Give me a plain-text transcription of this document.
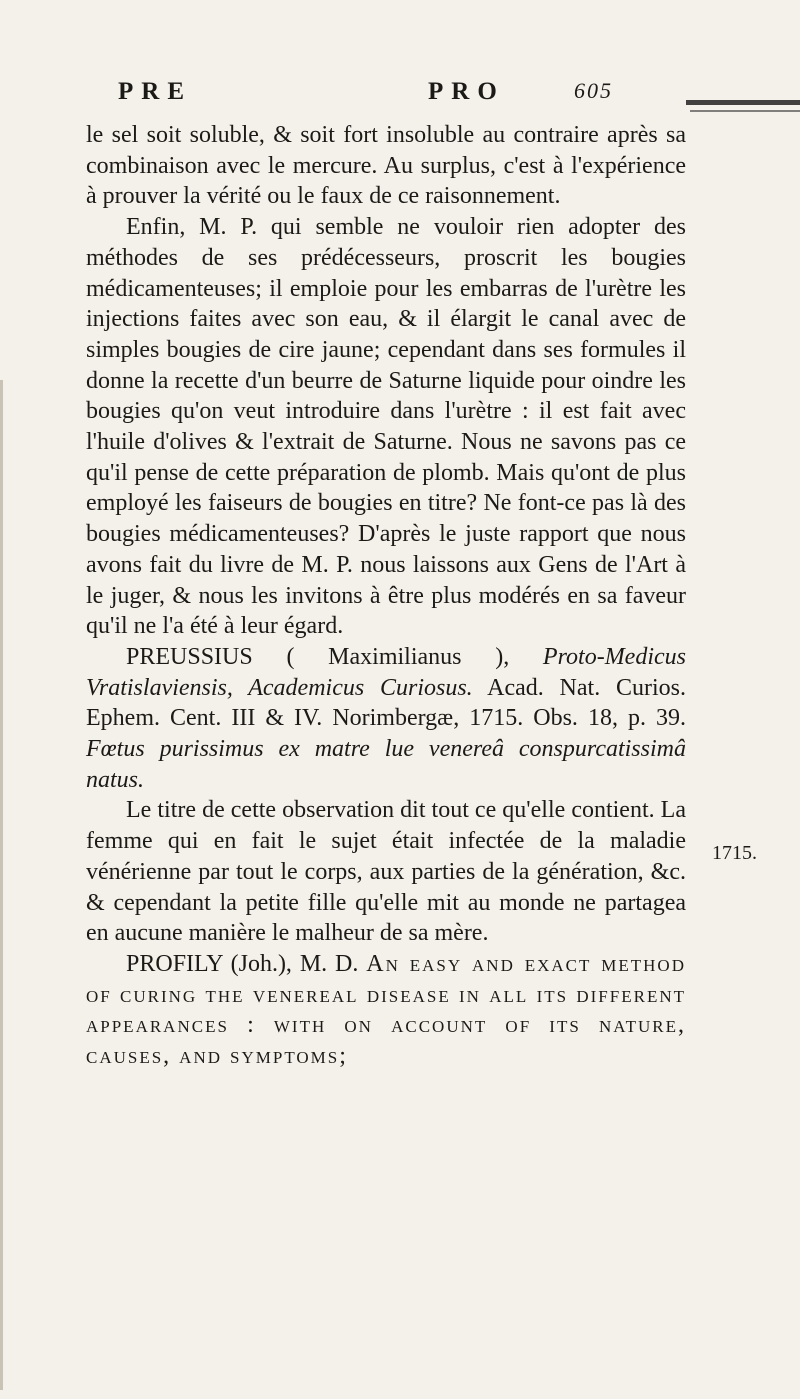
PRE	PRO	605
1715.

le sel soit soluble, & soit fort insoluble au contraire après sa combinaison avec le mercure. Au surplus, c'est à l'expérience à prouver la vérité ou le faux de ce raisonnement.

Enfin, M. P. qui semble ne vouloir rien adopter des méthodes de ses prédécesseurs, proscrit les bougies médicamenteuses; il emploie pour les embarras de l'urètre les injections faites avec son eau, & il élargit le canal avec de simples bougies de cire jaune; cependant dans ses formules il donne la recette d'un beurre de Saturne liquide pour oindre les bougies qu'on veut introduire dans l'urètre : il est fait avec l'huile d'olives & l'extrait de Saturne. Nous ne savons pas ce qu'il pense de cette préparation de plomb. Mais qu'ont de plus employé les faiseurs de bougies en titre? Ne font-ce pas là des bougies médicamenteuses? D'après le juste rapport que nous avons fait du livre de M. P. nous laissons aux Gens de l'Art à le juger, & nous les invitons à être plus modérés en sa faveur qu'il ne l'a été à leur égard.

PREUSSIUS ( Maximilianus ), Proto-Medicus Vratislaviensis, Academicus Curiosus. Acad. Nat. Curios. Ephem. Cent. III & IV. Norimbergæ, 1715. Obs. 18, p. 39. Fœtus purissimus ex matre lue venereâ conspurcatissimâ natus.

Le titre de cette observation dit tout ce qu'elle contient. La femme qui en fait le sujet était infectée de la maladie vénérienne par tout le corps, aux parties de la génération, &c. & cependant la petite fille qu'elle mit au monde ne partagea en aucune manière le malheur de sa mère.

PROFILY (Joh.), M. D. An easy and exact method of curing the venereal disease in all its different appearances : with on account of its nature, causes, and symptoms;
